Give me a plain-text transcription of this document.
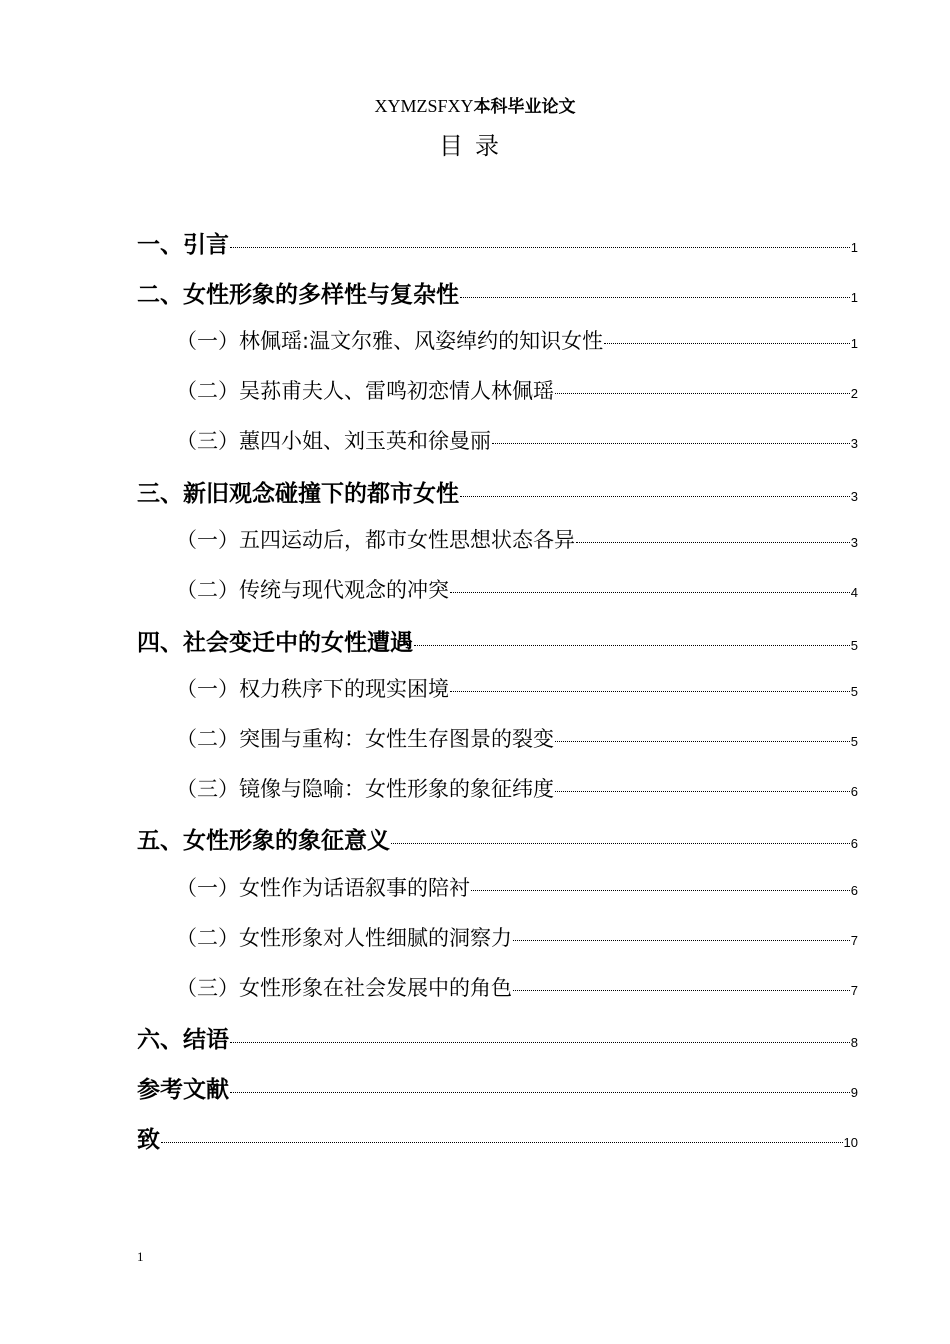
XYMZSFXY本科毕业论文
目录
一、引言	1
二、女性形象的多样性与复杂性	1
（一）林佩瑶:温文尔雅、风姿绰约的知识女性	1
（二）吴荪甫夫人、雷鸣初恋情人林佩瑶	2
（三）蕙四小姐、刘玉英和徐曼丽	3
三、新旧观念碰撞下的都市女性	3
（一）五四运动后，都市女性思想状态各异	3
（二）传统与现代观念的冲突	4
四、社会变迁中的女性遭遇	5
（一）权力秩序下的现实困境	5
（二）突围与重构：女性生存图景的裂变	5
（三）镜像与隐喻：女性形象的象征纬度	6
五、女性形象的象征意义	6
（一）女性作为话语叙事的陪衬	6
（二）女性形象对人性细腻的洞察力	7
（三）女性形象在社会发展中的角色	7
六、结语	8
参考文献	9
致	10
1
